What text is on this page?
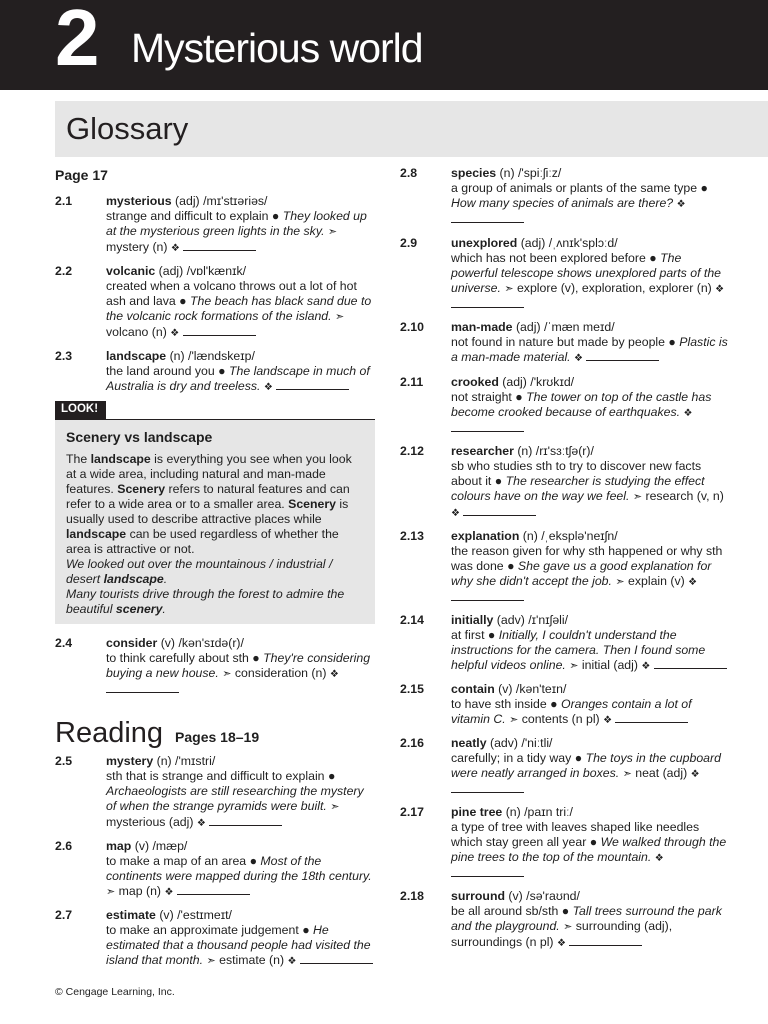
2 Mysterious world
Glossary
Page 17
2.1	mysterious (adj) /mɪ'stɪəriəs/
strange and difficult to explain ● They looked up at the mysterious green lights in the sky. ➣ mystery (n) ❖
2.2	volcanic (adj) /vɒl'kænɪk/
created when a volcano throws out a lot of hot ash and lava ● The beach has black sand due to the volcanic rock formations of the island. ➣ volcano (n) ❖
2.3	landscape (n) /'lændskeɪp/
the land around you ● The landscape in much of Australia is dry and treeless. ❖
LOOK!
Scenery vs landscape
The landscape is everything you see when you look at a wide area, including natural and man-made features. Scenery refers to natural features and can refer to a wide area or to a smaller area. Scenery is usually used to describe attractive places while landscape can be used regardless of whether the area is attractive or not.
We looked out over the mountainous / industrial / desert landscape.
Many tourists drive through the forest to admire the beautiful scenery.
2.4	consider (v) /kən'sɪdə(r)/
to think carefully about sth ● They're considering buying a new house. ➣ consideration (n) ❖
Reading Pages 18–19
2.5	mystery (n) /'mɪstri/
sth that is strange and difficult to explain ● Archaeologists are still researching the mystery of when the strange pyramids were built. ➣ mysterious (adj) ❖
2.6	map (v) /mæp/
to make a map of an area ● Most of the continents were mapped during the 18th century. ➣ map (n) ❖
2.7	estimate (v) /'estɪmeɪt/
to make an approximate judgement ● He estimated that a thousand people had visited the island that month. ➣ estimate (n) ❖
2.8	species (n) /'spiːʃiːz/
a group of animals or plants of the same type ● How many species of animals are there? ❖
2.9	unexplored (adj) /ˌʌnɪk'splɔːd/
which has not been explored before ● The powerful telescope shows unexplored parts of the universe. ➣ explore (v), exploration, explorer (n) ❖
2.10	man-made (adj) /ˈmæn meɪd/
not found in nature but made by people ● Plastic is a man-made material. ❖
2.11	crooked (adj) /'krʊkɪd/
not straight ● The tower on top of the castle has become crooked because of earthquakes. ❖
2.12	researcher (n) /rɪ'sɜːtʃə(r)/
sb who studies sth to try to discover new facts about it ● The researcher is studying the effect colours have on the way we feel. ➣ research (v, n) ❖
2.13	explanation (n) /ˌeksplə'neɪʃn/
the reason given for why sth happened or why sth was done ● She gave us a good explanation for why she didn't accept the job. ➣ explain (v) ❖
2.14	initially (adv) /ɪ'nɪʃəli/
at first ● Initially, I couldn't understand the instructions for the camera. Then I found some helpful videos online. ➣ initial (adj) ❖
2.15	contain (v) /kən'teɪn/
to have sth inside ● Oranges contain a lot of vitamin C. ➣ contents (n pl) ❖
2.16	neatly (adv) /'niːtli/
carefully; in a tidy way ● The toys in the cupboard were neatly arranged in boxes. ➣ neat (adj) ❖
2.17	pine tree (n) /paɪn triː/
a type of tree with leaves shaped like needles which stay green all year ● We walked through the pine trees to the top of the mountain. ❖
2.18	surround (v) /sə'raʊnd/
be all around sb/sth ● Tall trees surround the park and the playground. ➣ surrounding (adj), surroundings (n pl) ❖
© Cengage Learning, Inc.
